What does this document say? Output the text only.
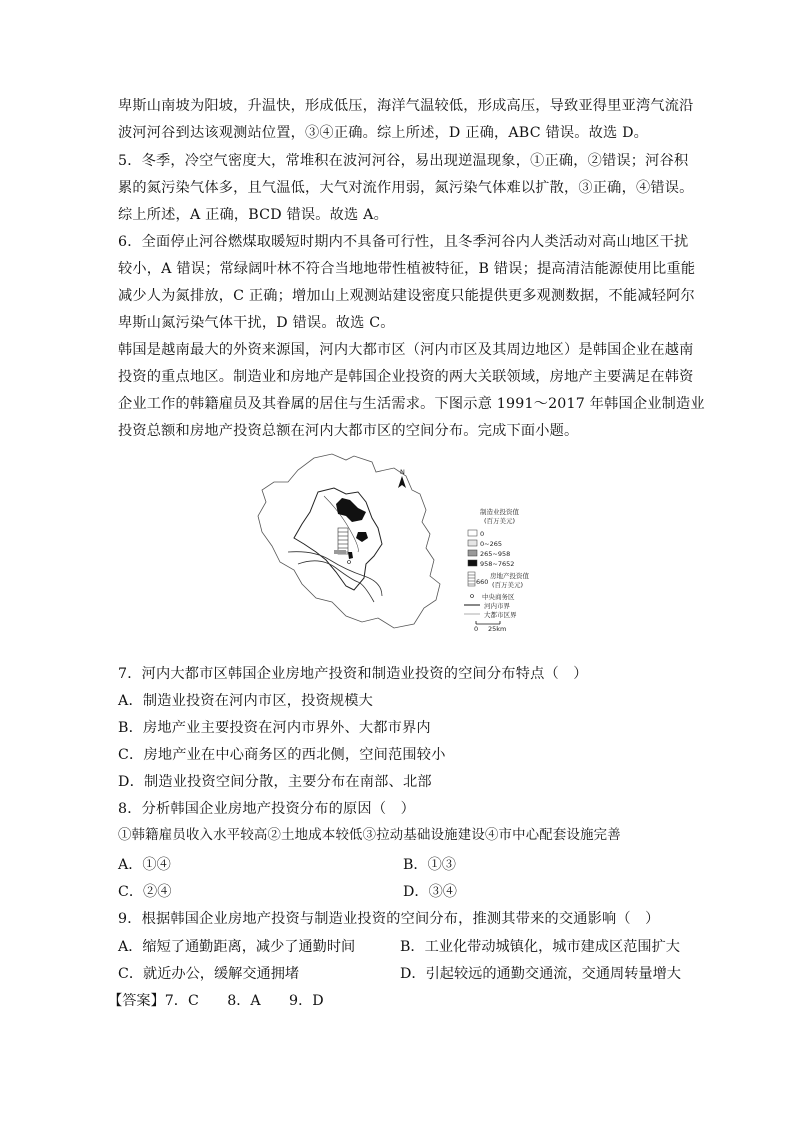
卑斯山南坡为阳坡，升温快，形成低压，海洋气温较低，形成高压，导致亚得里亚湾气流沿
波河河谷到达该观测站位置，③④正确。综上所述，D 正确，ABC 错误。故选 D。
5．冬季，冷空气密度大，常堆积在波河河谷，易出现逆温现象，①正确，②错误；河谷积
累的氮污染气体多，且气温低，大气对流作用弱，氮污染气体难以扩散，③正确，④错误。
综上所述，A 正确，BCD 错误。故选 A。
6．全面停止河谷燃煤取暖短时期内不具备可行性，且冬季河谷内人类活动对高山地区干扰
较小，A 错误；常绿阔叶林不符合当地地带性植被特征，B 错误；提高清洁能源使用比重能
减少人为氮排放，C 正确；增加山上观测站建设密度只能提供更多观测数据，不能减轻阿尔
卑斯山氮污染气体干扰，D 错误。故选 C。
韩国是越南最大的外资来源国，河内大都市区（河内市区及其周边地区）是韩国企业在越南
投资的重点地区。制造业和房地产是韩国企业投资的两大关联领域，房地产主要满足在韩资
企业工作的韩籍雇员及其眷属的居住与生活需求。下图示意 1991～2017 年韩国企业制造业
投资总额和房地产投资总额在河内大都市区的空间分布。完成下面小题。
N
制造业投资值
(百万美元)
0
0~265
265~958
958~7652
660
房地产投资值
(百万美元)
中央商务区
河内市界
大都市区界
0 25km
7．河内大都市区韩国企业房地产投资和制造业投资的空间分布特点（　）
A．制造业投资在河内市区，投资规模大
B．房地产业主要投资在河内市界外、大都市界内
C．房地产业在中心商务区的西北侧，空间范围较小
D．制造业投资空间分散，主要分布在南部、北部
8．分析韩国企业房地产投资分布的原因（　）
①韩籍雇员收入水平较高②土地成本较低③拉动基础设施建设④市中心配套设施完善
A．①④	B．①③
C．②④	D．③④
9．根据韩国企业房地产投资与制造业投资的空间分布，推测其带来的交通影响（　）
A．缩短了通勤距离，减少了通勤时间	B．工业化带动城镇化，城市建成区范围扩大
C．就近办公，缓解交通拥堵	D．引起较远的通勤交通流，交通周转量增大
【答案】7．C　　8．A　　9．D
